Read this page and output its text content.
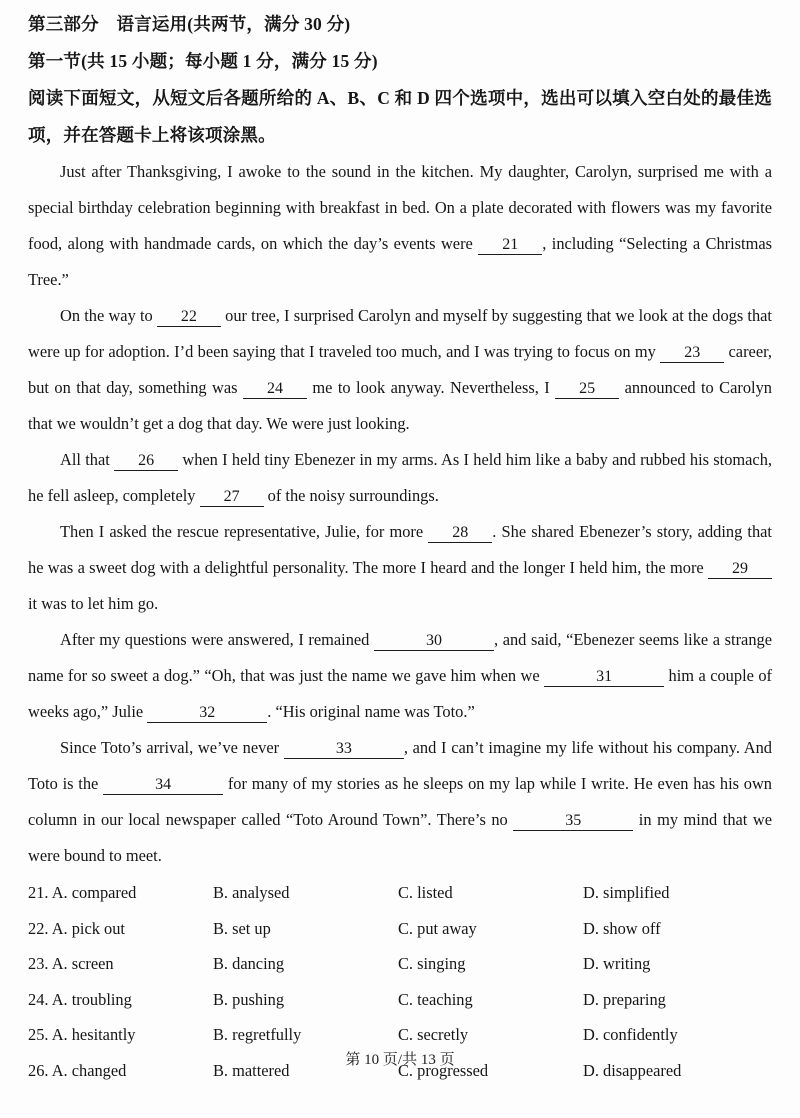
第三部分　语言运用(共两节，满分 30 分)
第一节(共 15 小题；每小题 1 分，满分 15 分)
阅读下面短文，从短文后各题所给的 A、B、C 和 D 四个选项中，选出可以填入空白处的最佳选项，并在答题卡上将该项涂黑。

Just after Thanksgiving, I awoke to the sound in the kitchen. My daughter, Carolyn, surprised me with a special birthday celebration beginning with breakfast in bed. On a plate decorated with flowers was my favorite food, along with handmade cards, on which the day’s events were 21 , including “Selecting a Christmas Tree.”

On the way to 22 our tree, I surprised Carolyn and myself by suggesting that we look at the dogs that were up for adoption. I’d been saying that I traveled too much, and I was trying to focus on my 23 career, but on that day, something was 24 me to look anyway. Nevertheless, I 25 announced to Carolyn that we wouldn’t get a dog that day. We were just looking.

All that 26 when I held tiny Ebenezer in my arms. As I held him like a baby and rubbed his stomach, he fell asleep, completely 27 of the noisy surroundings.

Then I asked the rescue representative, Julie, for more 28 . She shared Ebenezer’s story, adding that he was a sweet dog with a delightful personality. The more I heard and the longer I held him, the more 29 it was to let him go.

After my questions were answered, I remained	30	, and said, “Ebenezer seems like a strange name for so sweet a dog.” “Oh, that was just the name we gave him when we	31	him a couple of weeks ago,” Julie	32	. “His original name was Toto.”

Since Toto’s arrival, we’ve never	33	, and I can’t imagine my life without his company. And Toto is the	34	for many of my stories as he sleeps on my lap while I write. He even has his own column in our local newspaper called “Toto Around Town”. There’s no	35	in my mind that we were bound to meet.

21. A. compared	B. analysed	C. listed	D. simplified
22. A. pick out	B. set up	C. put away	D. show off
23. A. screen	B. dancing	C. singing	D. writing
24. A. troubling	B. pushing	C. teaching	D. preparing
25. A. hesitantly	B. regretfully	C. secretly	D. confidently
26. A. changed	B. mattered	C. progressed	D. disappeared
第 10 页/共 13 页
